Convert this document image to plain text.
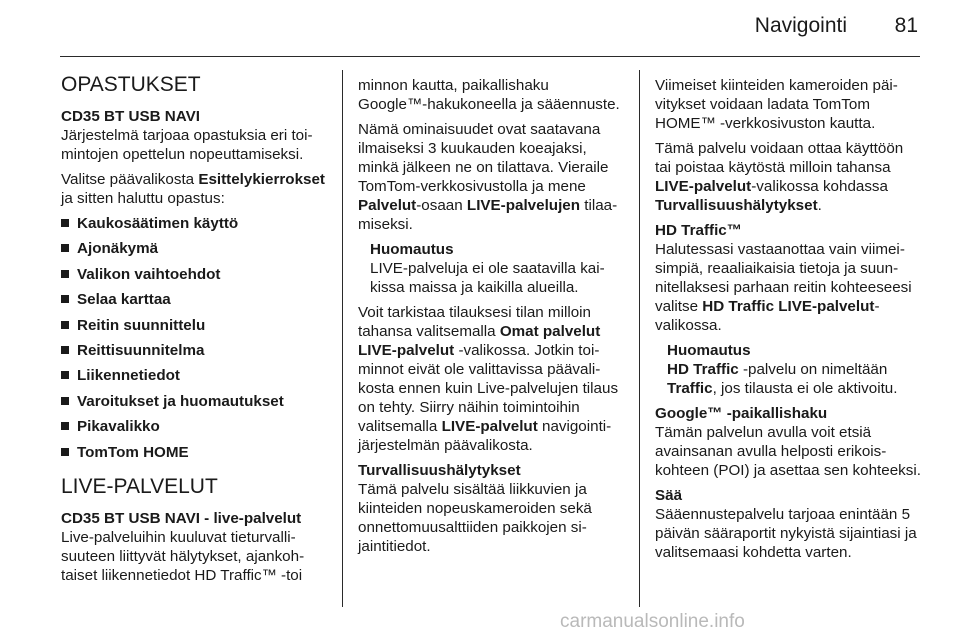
Navigointi 81
OPASTUKSET
CD35 BT USB NAVI

Järjestelmä tarjoaa opastuksia eri toimintojen opettelun nopeuttamiseksi.

Valitse päävalikosta Esittelykierrokset ja sitten haluttu opastus:

Kaukosäätimen käyttö
Ajonäkymä
Valikon vaihtoehdot
Selaa karttaa
Reitin suunnittelu
Reittisuunnitelma
Liikennetiedot
Varoitukset ja huomautukset
Pikavalikko
TomTom HOME
LIVE-PALVELUT
CD35 BT USB NAVI - live-palvelut

Live-palveluihin kuuluvat tieturvallisuuteen liittyvät hälytykset, ajankohtaiset liikennetiedot HD Traffic™ -toi

minnon kautta, paikallishaku Google™-hakukoneella ja sääennuste.

Nämä ominaisuudet ovat saatavana ilmaiseksi 3 kuukauden koeajaksi, minkä jälkeen ne on tilattava. Vieraile TomTom-verkkosivustolla ja mene Palvelut-osaan LIVE-palvelujen tilaamiseksi.

Huomautus

LIVE-palveluja ei ole saatavilla kaikissa maissa ja kaikilla alueilla.

Voit tarkistaa tilauksesi tilan milloin tahansa valitsemalla Omat palvelut LIVE-palvelut -valikossa. Jotkin toiminnot eivät ole valittavissa päävalikosta ennen kuin Live-palvelujen tilaus on tehty. Siirry näihin toimintoihin valitsemalla LIVE-palvelut navigointijärjestelmän päävalikosta.

Turvallisuushälytykset

Tämä palvelu sisältää liikkuvien ja kiinteiden nopeuskameroiden sekä onnettomuusalttiiden paikkojen sijaintitiedot.

Viimeiset kiinteiden kameroiden päivitykset voidaan ladata TomTom HOME™ -verkkosivuston kautta.

Tämä palvelu voidaan ottaa käyttöön tai poistaa käytöstä milloin tahansa LIVE-palvelut-valikossa kohdassa Turvallisuushälytykset.

HD Traffic™

Halutessasi vastaanottaa vain viimeisimpiä, reaaliaikaisia tietoja ja suunnitellaksesi parhaan reitin kohteeseesi valitse HD Traffic LIVE-palvelut-valikossa.

Huomautus

HD Traffic -palvelu on nimeltään Traffic, jos tilausta ei ole aktivoitu.

Google™ -paikallishaku

Tämän palvelun avulla voit etsiä avainsanan avulla helposti erikoiskohteen (POI) ja asettaa sen kohteeksi.

Sää

Sääennustepalvelu tarjoaa enintään 5 päivän sääraportit nykyistä sijaintiasi ja valitsemaasi kohdetta varten.

carmanualsonline.info
